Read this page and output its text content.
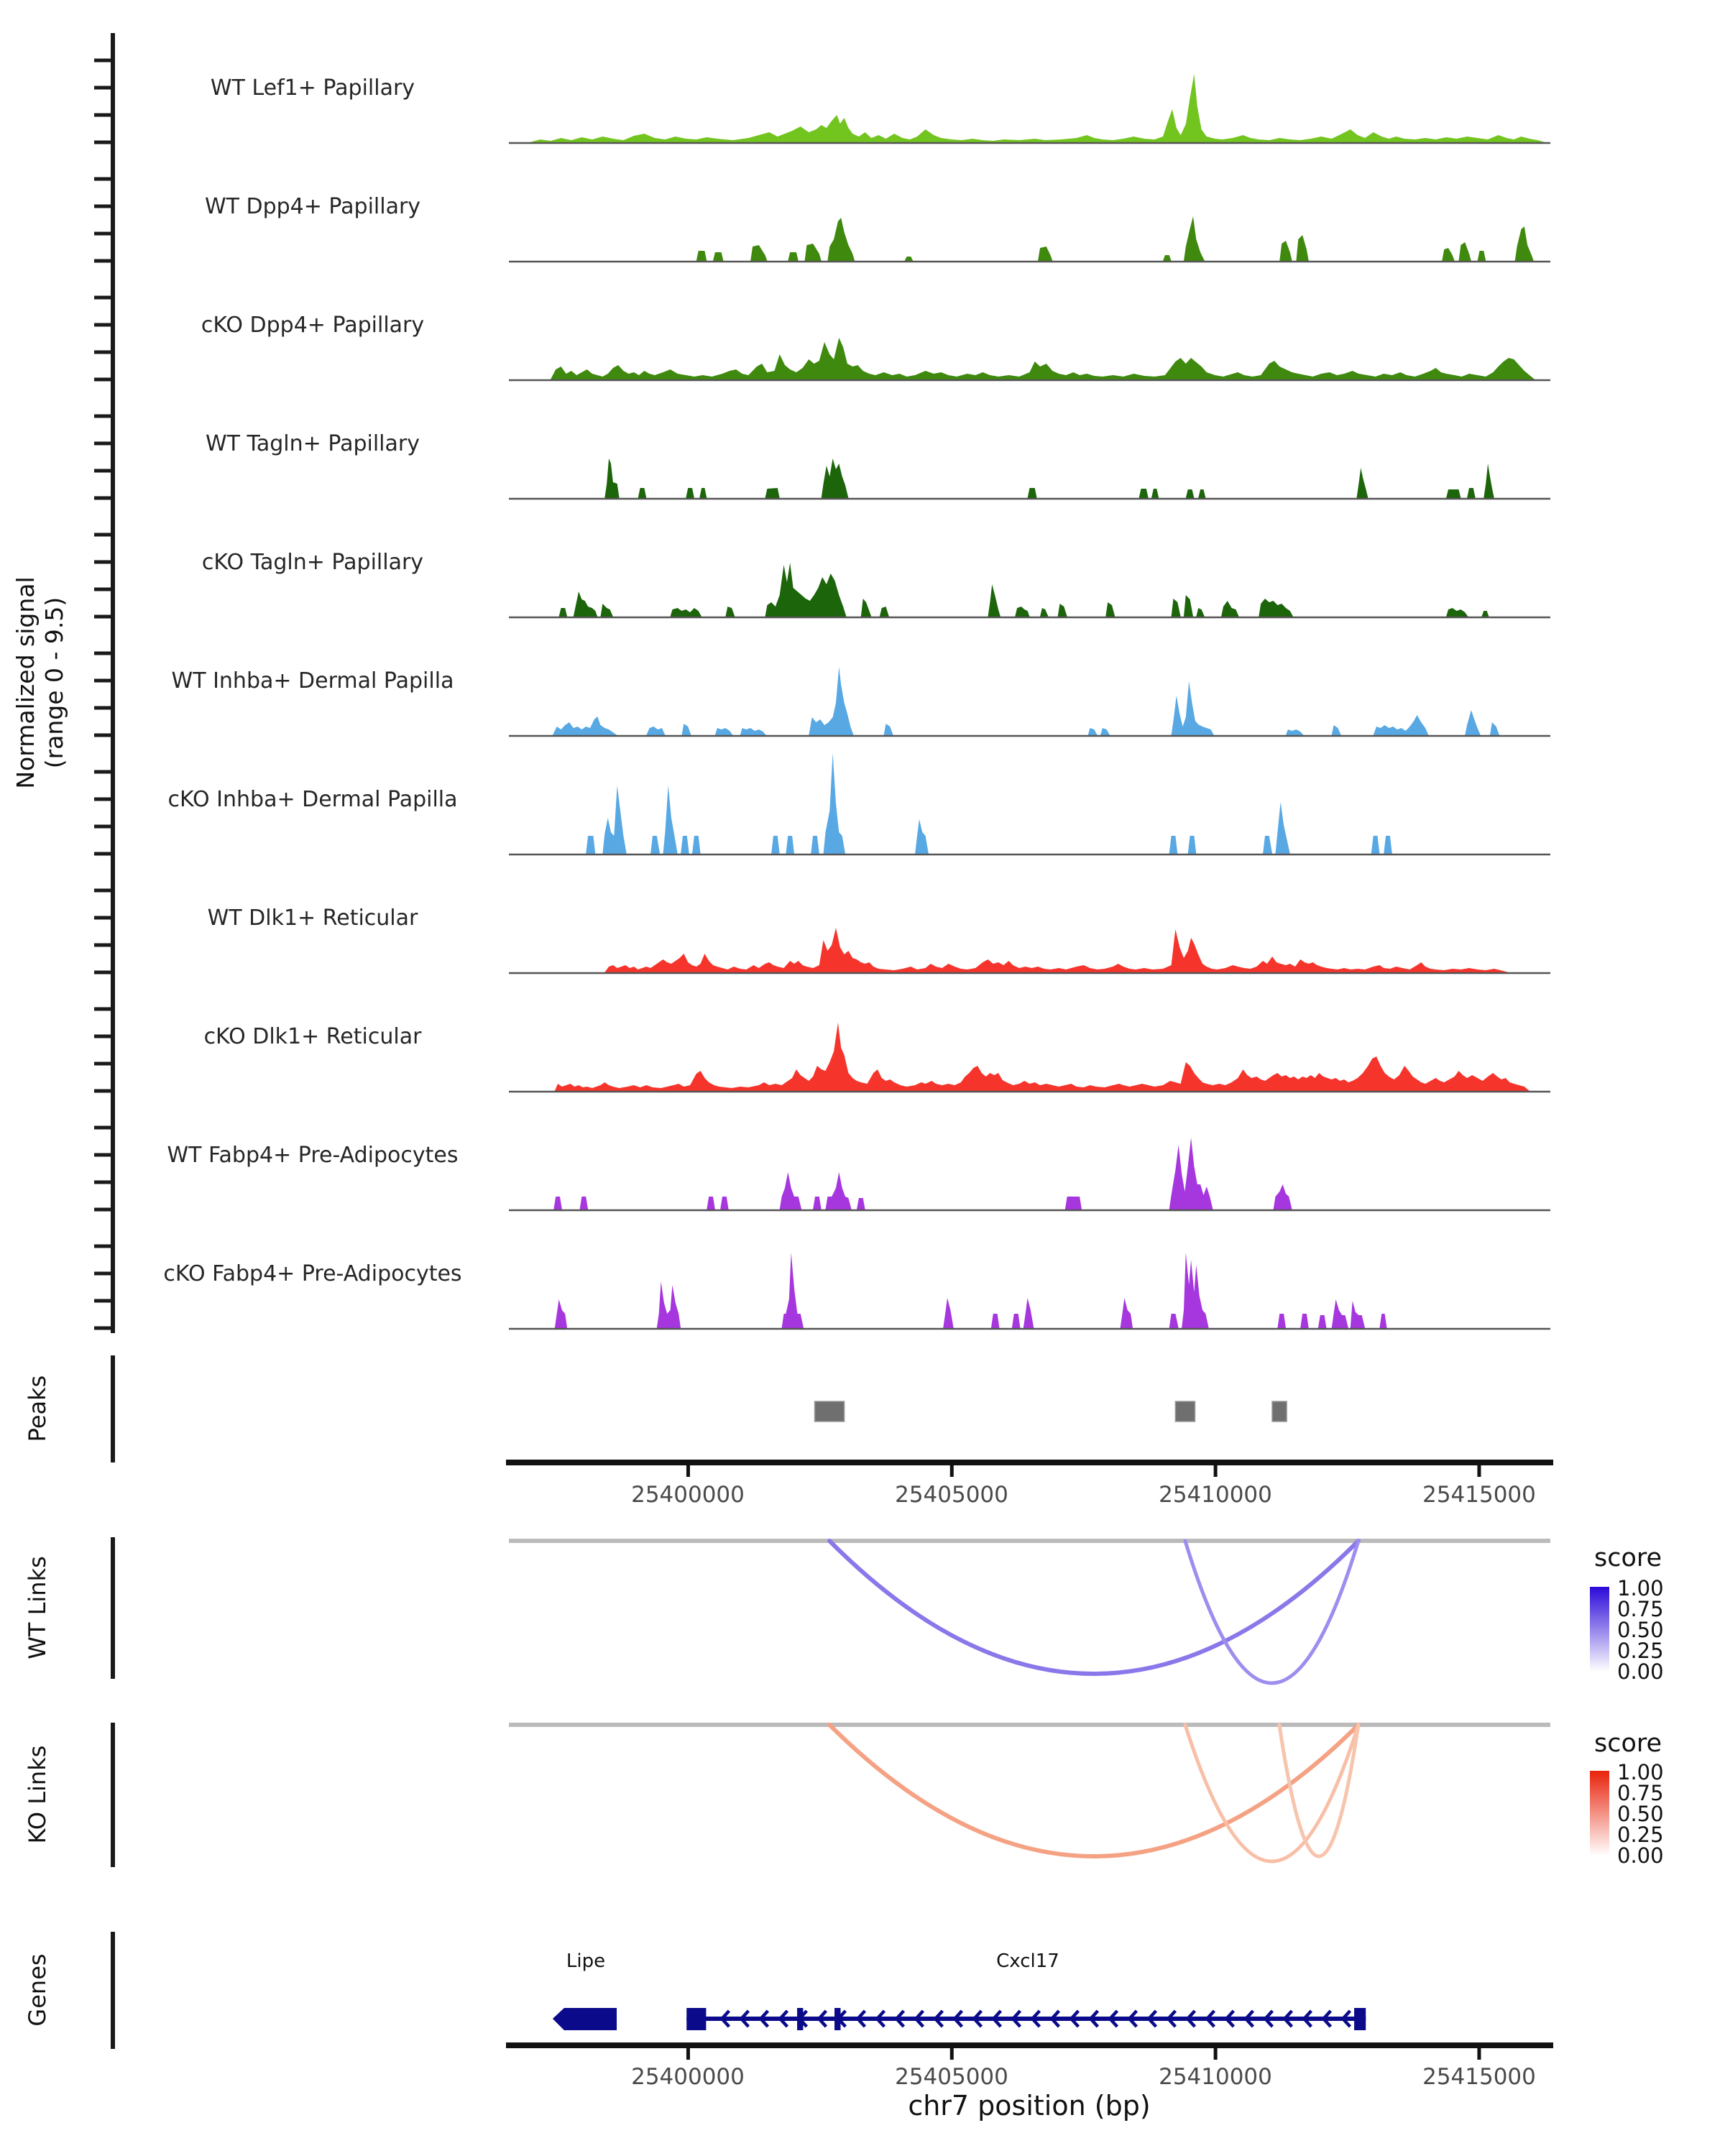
Normalized signal (range 0 - 9.5)
WT Lef1+ Papillary
WT Dpp4+ Papillary
cKO Dpp4+ Papillary
WT Tagln+ Papillary
cKO Tagln+ Papillary
WT Inhba+ Dermal Papilla
cKO Inhba+ Dermal Papilla
WT Dlk1+ Reticular
cKO Dlk1+ Reticular
WT Fabp4+ Pre-Adipocytes
cKO Fabp4+ Pre-Adipocytes
Peaks
WT Links
KO Links
Genes
25400000	25405000	25410000	25415000
score
1.00
0.75
0.50
0.25
0.00
score
1.00
0.75
0.50
0.25
0.00
Lipe	Cxcl17
25400000	25405000	25410000	25415000
chr7 position (bp)
